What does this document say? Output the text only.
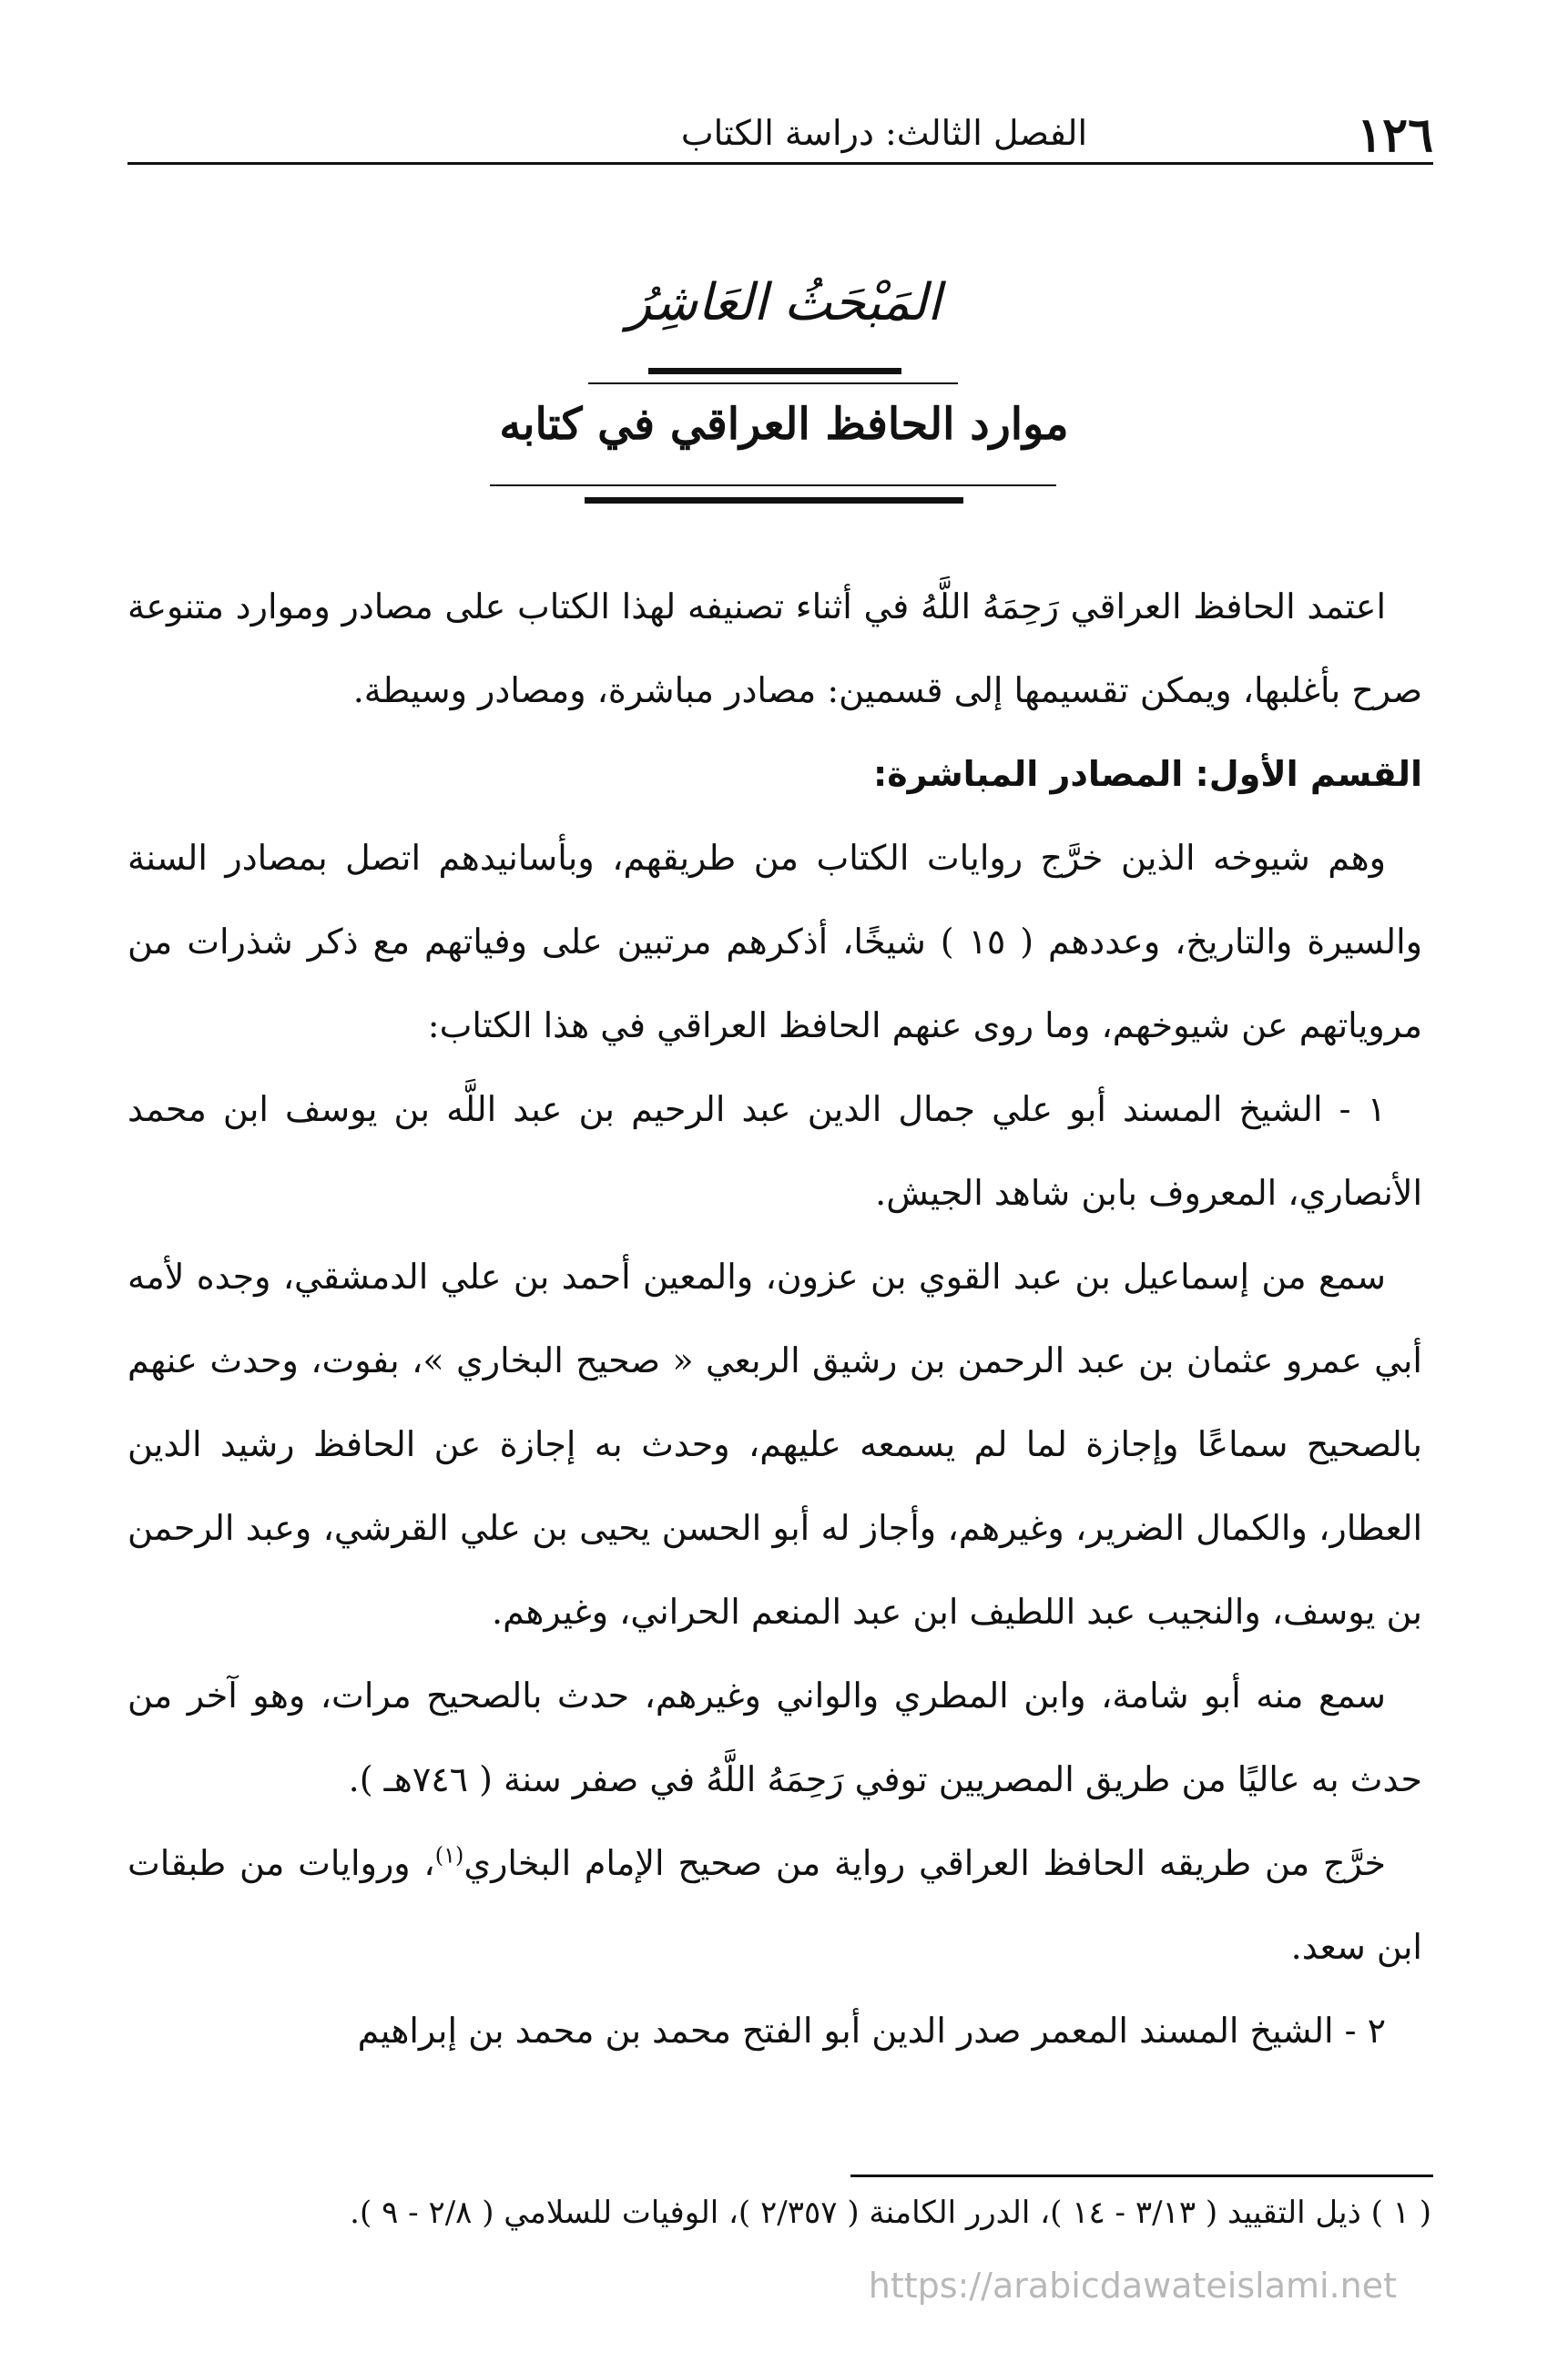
١٢٦
الفصل الثالث: دراسة الكتاب
المَبْحَثُ العَاشِرُ
موارد الحافظ العراقي في كتابه

اعتمد الحافظ العراقي رَحِمَهُ اللَّهُ في أثناء تصنيفه لهذا الكتاب على مصادر وموارد متنوعة صرح بأغلبها، ويمكن تقسيمها إلى قسمين: مصادر مباشرة، ومصادر وسيطة.

القسم الأول: المصادر المباشرة:

وهم شيوخه الذين خرَّج روايات الكتاب من طريقهم، وبأسانيدهم اتصل بمصادر السنة والسيرة والتاريخ، وعددهم ( ١٥ ) شيخًا، أذكرهم مرتبين على وفياتهم مع ذكر شذرات من مروياتهم عن شيوخهم، وما روى عنهم الحافظ العراقي في هذا الكتاب:

١ - الشيخ المسند أبو علي جمال الدين عبد الرحيم بن عبد اللَّه بن يوسف ابن محمد الأنصاري، المعروف بابن شاهد الجيش.

سمع من إسماعيل بن عبد القوي بن عزون، والمعين أحمد بن علي الدمشقي، وجده لأمه أبي عمرو عثمان بن عبد الرحمن بن رشيق الربعي « صحيح البخاري »، بفوت، وحدث عنهم بالصحيح سماعًا وإجازة لما لم يسمعه عليهم، وحدث به إجازة عن الحافظ رشيد الدين العطار، والكمال الضرير، وغيرهم، وأجاز له أبو الحسن يحيى بن علي القرشي، وعبد الرحمن بن يوسف، والنجيب عبد اللطيف ابن عبد المنعم الحراني، وغيرهم.

سمع منه أبو شامة، وابن المطري والواني وغيرهم، حدث بالصحيح مرات، وهو آخر من حدث به عاليًا من طريق المصريين توفي رَحِمَهُ اللَّهُ في صفر سنة ( ٧٤٦هـ ).

خرَّج من طريقه الحافظ العراقي رواية من صحيح الإمام البخاري$^{(١)}$، وروايات من طبقات ابن سعد.

٢ - الشيخ المسند المعمر صدر الدين أبو الفتح محمد بن محمد بن إبراهيم

( ١ ) ذيل التقييد ( ٣/١٣ - ١٤ )، الدرر الكامنة ( ٢/٣٥٧ )، الوفيات للسلامي ( ٢/٨ - ٩ ).
https://arabicdawateislami.net
